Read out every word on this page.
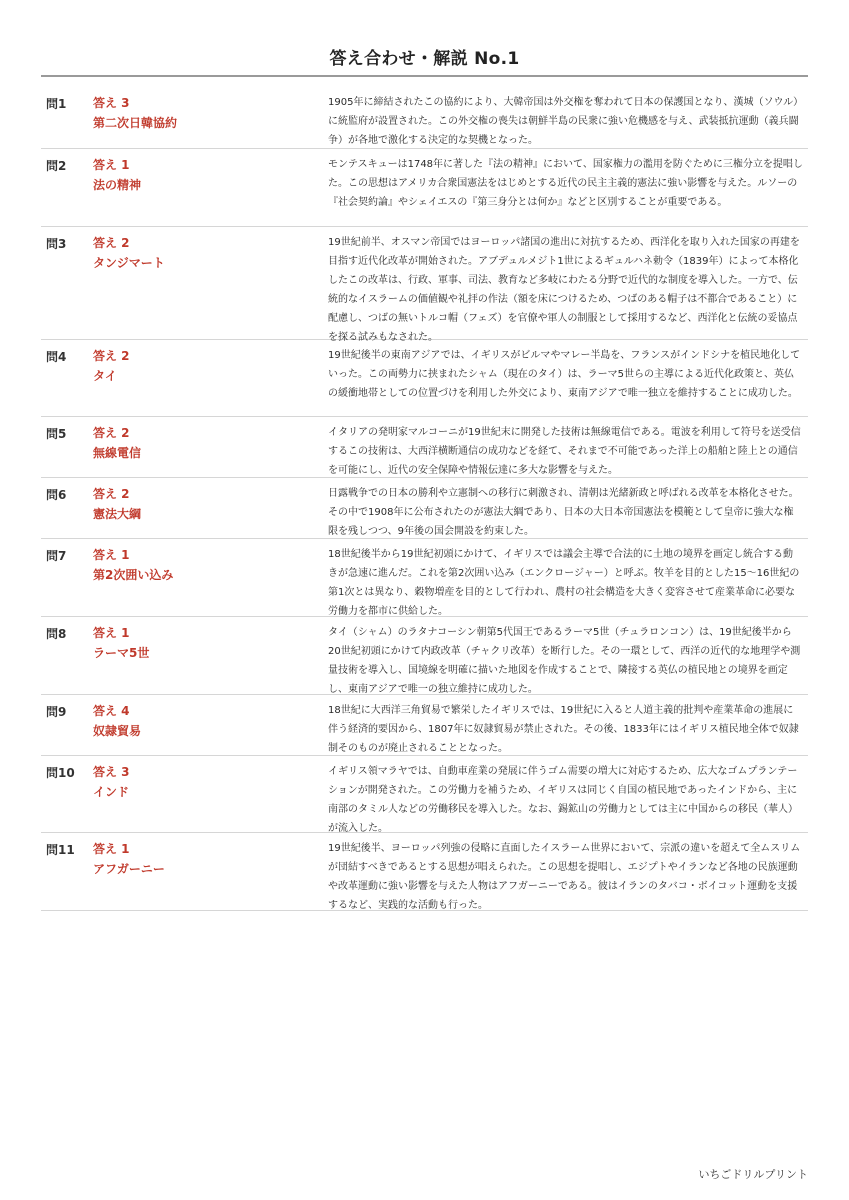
答え合わせ・解説 No.1
問1 答え 3
第二次日韓協約
1905年に締結されたこの協約により、大韓帝国は外交権を奪われて日本の保護国となり、漢城（ソウル）に統監府が設置された。この外交権の喪失は朝鮮半島の民衆に強い危機感を与え、武装抵抗運動（義兵闘争）が各地で激化する決定的な契機となった。
問2 答え 1
法の精神
モンテスキューは1748年に著した『法の精神』において、国家権力の濫用を防ぐために三権分立を提唱した。この思想はアメリカ合衆国憲法をはじめとする近代の民主主義的憲法に強い影響を与えた。ルソーの『社会契約論』やシェイエスの『第三身分とは何か』などと区別することが重要である。
問3 答え 2
タンジマート
19世紀前半、オスマン帝国ではヨーロッパ諸国の進出に対抗するため、西洋化を取り入れた国家の再建を目指す近代化改革が開始された。アブデュルメジト1世によるギュルハネ勅令（1839年）によって本格化したこの改革は、行政、軍事、司法、教育など多岐にわたる分野で近代的な制度を導入した。一方で、伝統的なイスラームの価値観や礼拝の作法（額を床につけるため、つばのある帽子は不都合であること）に配慮し、つばの無いトルコ帽（フェズ）を官僚や軍人の制服として採用するなど、西洋化と伝統の妥協点を探る試みもなされた。
問4 答え 2
タイ
19世紀後半の東南アジアでは、イギリスがビルマやマレー半島を、フランスがインドシナを植民地化していった。この両勢力に挟まれたシャム（現在のタイ）は、ラーマ5世らの主導による近代化政策と、英仏の緩衝地帯としての位置づけを利用した外交により、東南アジアで唯一独立を維持することに成功した。
問5 答え 2
無線電信
イタリアの発明家マルコーニが19世紀末に開発した技術は無線電信である。電波を利用して符号を送受信するこの技術は、大西洋横断通信の成功などを経て、それまで不可能であった洋上の船舶と陸上との通信を可能にし、近代の安全保障や情報伝達に多大な影響を与えた。
問6 答え 2
憲法大綱
日露戦争での日本の勝利や立憲制への移行に刺激され、清朝は光緒新政と呼ばれる改革を本格化させた。その中で1908年に公布されたのが憲法大綱であり、日本の大日本帝国憲法を模範として皇帝に強大な権限を残しつつ、9年後の国会開設を約束した。
問7 答え 1
第2次囲い込み
18世紀後半から19世紀初頭にかけて、イギリスでは議会主導で合法的に土地の境界を画定し統合する動きが急速に進んだ。これを第2次囲い込み（エンクロージャー）と呼ぶ。牧羊を目的とした15〜16世紀の第1次とは異なり、穀物増産を目的として行われ、農村の社会構造を大きく変容させて産業革命に必要な労働力を都市に供給した。
問8 答え 1
ラーマ5世
タイ（シャム）のラタナコーシン朝第5代国王であるラーマ5世（チュラロンコン）は、19世紀後半から20世紀初頭にかけて内政改革（チャクリ改革）を断行した。その一環として、西洋の近代的な地理学や測量技術を導入し、国境線を明確に描いた地図を作成することで、隣接する英仏の植民地との境界を画定し、東南アジアで唯一の独立維持に成功した。
問9 答え 4
奴隷貿易
18世紀に大西洋三角貿易で繁栄したイギリスでは、19世紀に入ると人道主義的批判や産業革命の進展に伴う経済的要因から、1807年に奴隷貿易が禁止された。その後、1833年にはイギリス植民地全体で奴隷制そのものが廃止されることとなった。
問10 答え 3
インド
イギリス領マラヤでは、自動車産業の発展に伴うゴム需要の増大に対応するため、広大なゴムプランテーションが開発された。この労働力を補うため、イギリスは同じく自国の植民地であったインドから、主に南部のタミル人などの労働移民を導入した。なお、錫鉱山の労働力としては主に中国からの移民（華人）が流入した。
問11 答え 1
アフガーニー
19世紀後半、ヨーロッパ列強の侵略に直面したイスラーム世界において、宗派の違いを超えて全ムスリムが団結すべきであるとする思想が唱えられた。この思想を提唱し、エジプトやイランなど各地の民族運動や改革運動に強い影響を与えた人物はアフガーニーである。彼はイランのタバコ・ボイコット運動を支援するなど、実践的な活動も行った。
いちごドリルプリント
